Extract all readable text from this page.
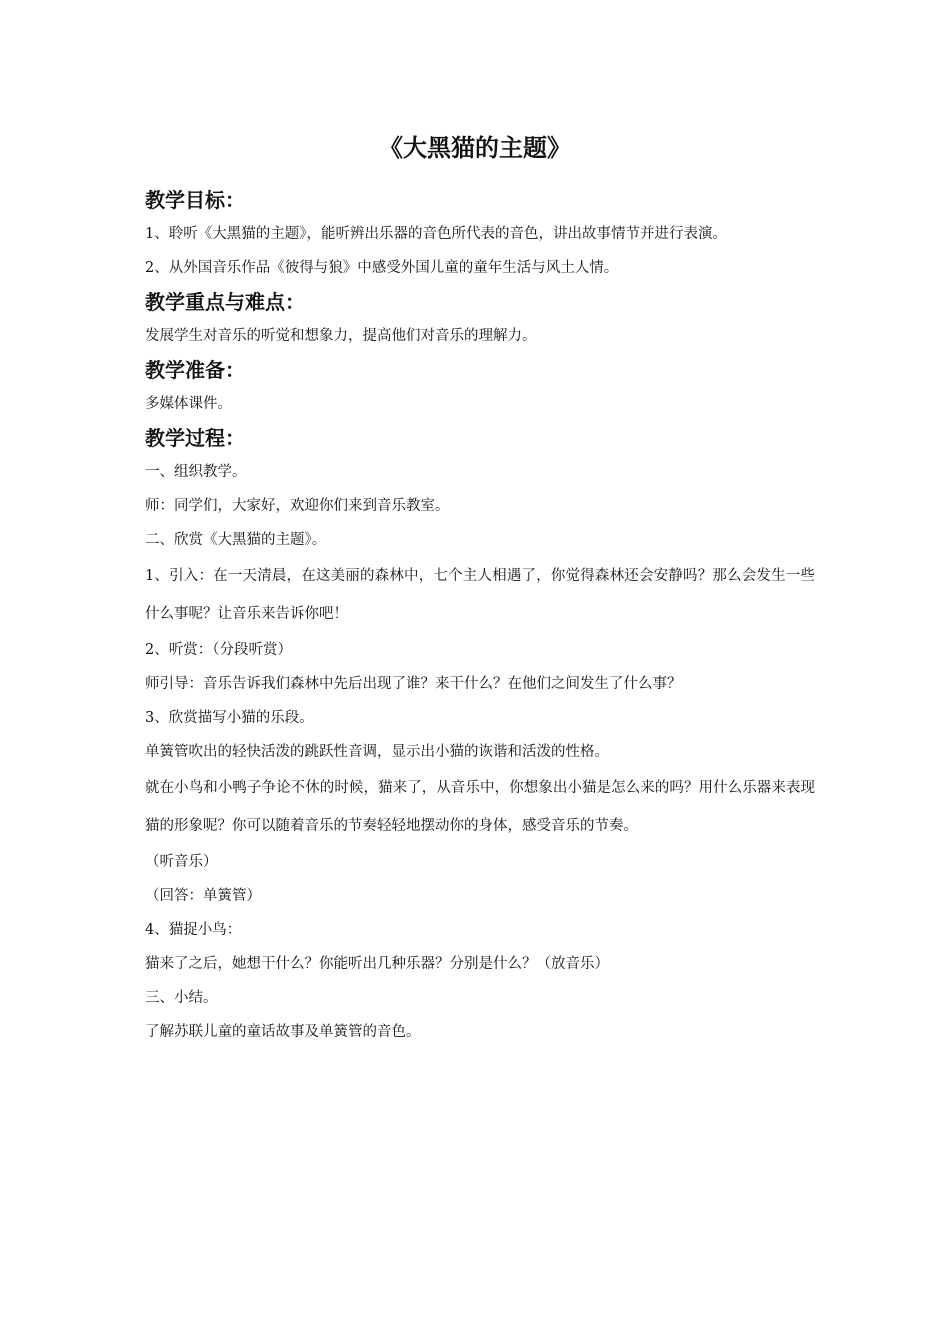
《大黑猫的主题》
教学目标：

1、聆听《大黑猫的主题》，能听辨出乐器的音色所代表的音色，讲出故事情节并进行表演。

2、从外国音乐作品《彼得与狼》中感受外国儿童的童年生活与风土人情。

教学重点与难点：

发展学生对音乐的听觉和想象力，提高他们对音乐的理解力。

教学准备：

多媒体课件。

教学过程：

一、组织教学。

师：同学们，大家好，欢迎你们来到音乐教室。

二、欣赏《大黑猫的主题》。

1、引入：在一天清晨，在这美丽的森林中，七个主人相遇了，你觉得森林还会安静吗？那么会发生一些什么事呢？让音乐来告诉你吧！

2、听赏：（分段听赏）

师引导：音乐告诉我们森林中先后出现了谁？来干什么？在他们之间发生了什么事？

3、欣赏描写小猫的乐段。

单簧管吹出的轻快活泼的跳跃性音调，显示出小猫的诙谐和活泼的性格。

就在小鸟和小鸭子争论不休的时候，猫来了，从音乐中，你想象出小猫是怎么来的吗？用什么乐器来表现猫的形象呢？你可以随着音乐的节奏轻轻地摆动你的身体，感受音乐的节奏。

（听音乐）

（回答：单簧管）

4、猫捉小鸟：

猫来了之后，她想干什么？你能听出几种乐器？分别是什么？（放音乐）

三、小结。

了解苏联儿童的童话故事及单簧管的音色。
